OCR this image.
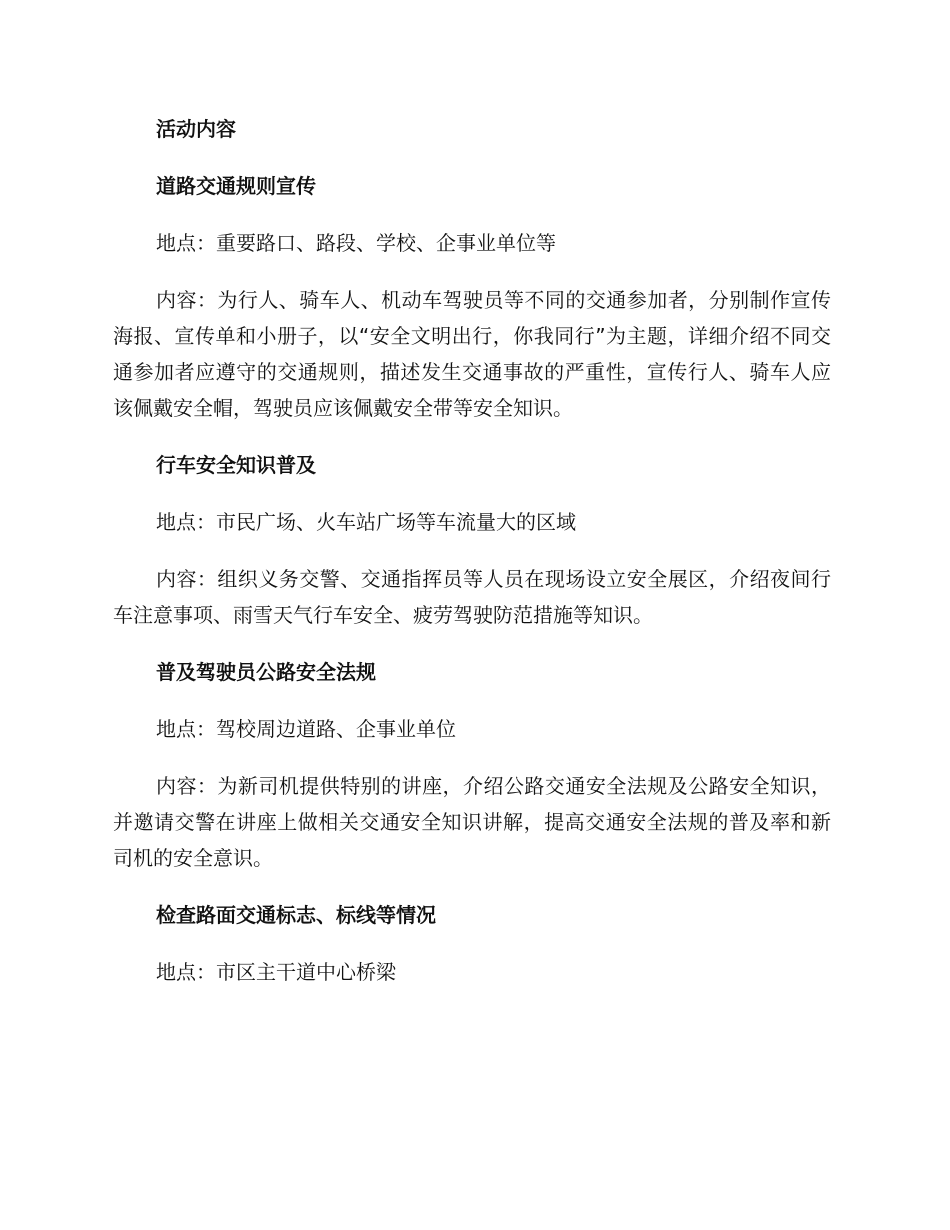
活动内容

道路交通规则宣传

地点：重要路口、路段、学校、企事业单位等

内容：为行人、骑车人、机动车驾驶员等不同的交通参加者，分别制作宣传海报、宣传单和小册子，以“安全文明出行，你我同行”为主题，详细介绍不同交通参加者应遵守的交通规则，描述发生交通事故的严重性，宣传行人、骑车人应该佩戴安全帽，驾驶员应该佩戴安全带等安全知识。

行车安全知识普及

地点：市民广场、火车站广场等车流量大的区域

内容：组织义务交警、交通指挥员等人员在现场设立安全展区，介绍夜间行车注意事项、雨雪天气行车安全、疲劳驾驶防范措施等知识。

普及驾驶员公路安全法规

地点：驾校周边道路、企事业单位

内容：为新司机提供特别的讲座，介绍公路交通安全法规及公路安全知识，并邀请交警在讲座上做相关交通安全知识讲解，提高交通安全法规的普及率和新司机的安全意识。

检查路面交通标志、标线等情况

地点：市区主干道中心桥梁
